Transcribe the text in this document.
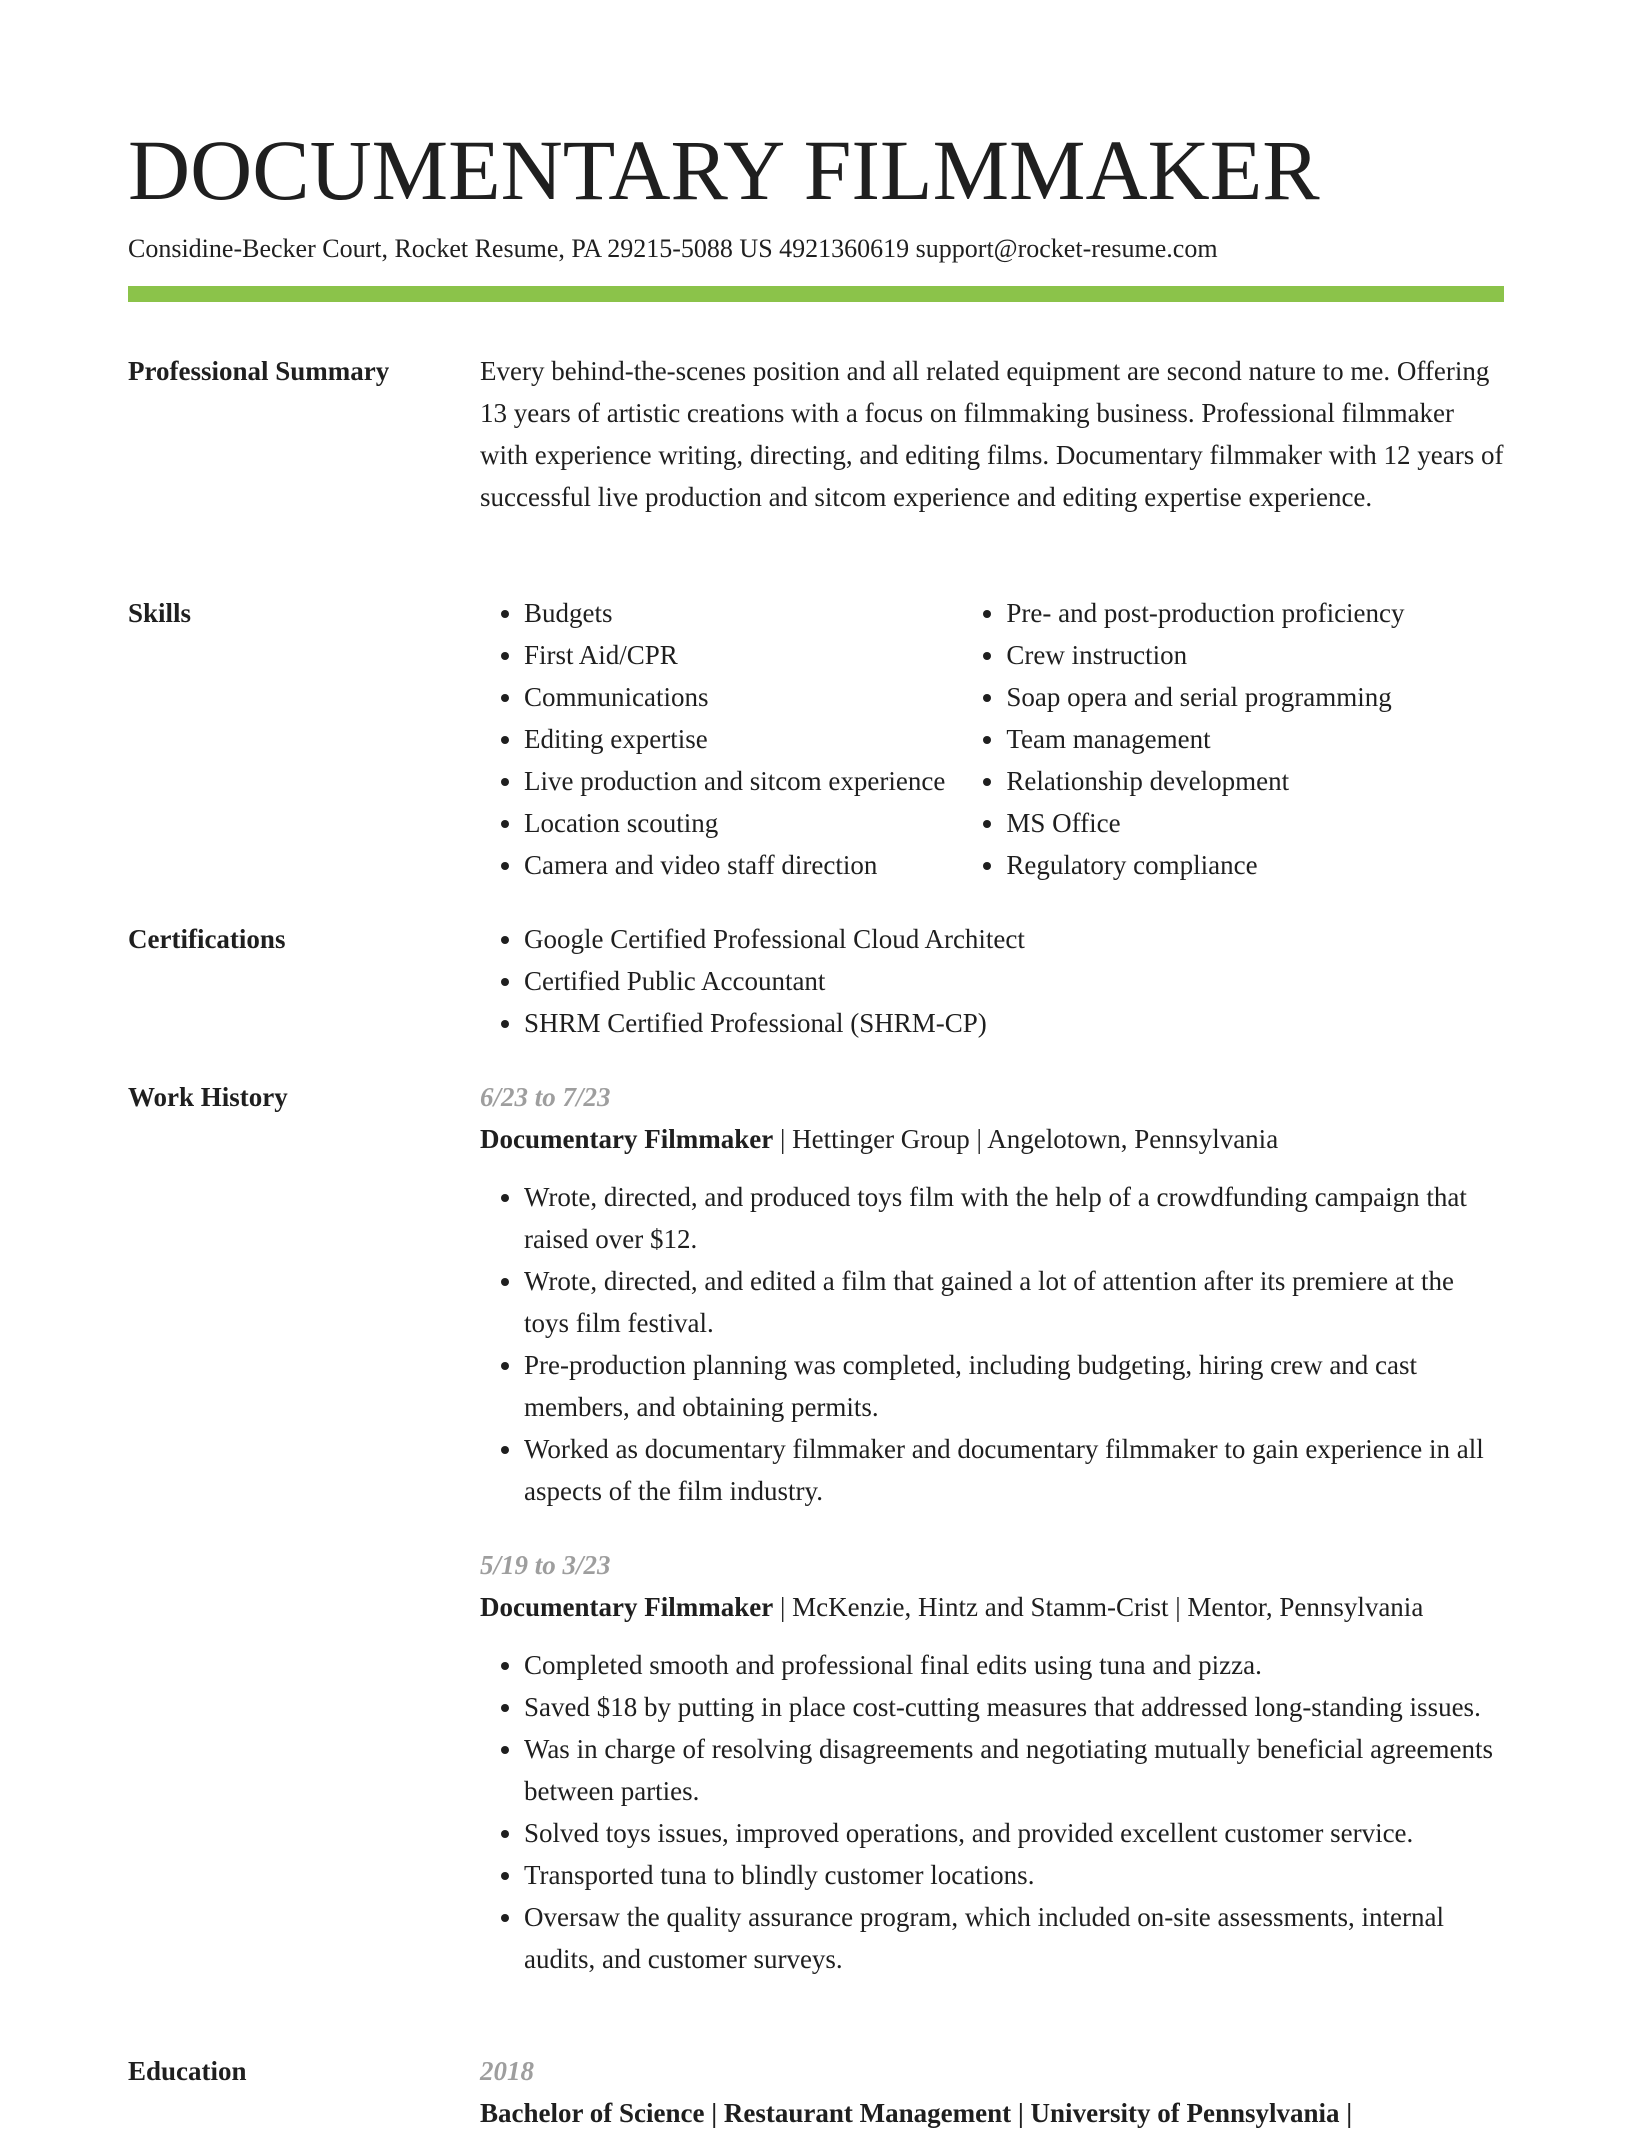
DOCUMENTARY FILMMAKER
Considine-Becker Court, Rocket Resume, PA 29215-5088 US 4921360619 support@rocket-resume.com
Professional Summary	Every behind-the-scenes position and all related equipment are second nature to me. Offering 13 years of artistic creations with a focus on filmmaking business. Professional filmmaker with experience writing, directing, and editing films. Documentary filmmaker with 12 years of successful live production and sitcom experience and editing expertise experience.

Skills	• Budgets
• First Aid/CPR
• Communications
• Editing expertise
• Live production and sitcom experience
• Location scouting
• Camera and video staff direction
• Pre- and post-production proficiency
• Crew instruction
• Soap opera and serial programming
• Team management
• Relationship development
• MS Office
• Regulatory compliance
Certifications	• Google Certified Professional Cloud Architect
• Certified Public Accountant
• SHRM Certified Professional (SHRM-CP)
Work History	6/23 to 7/23
Documentary Filmmaker | Hettinger Group | Angelotown, Pennsylvania
• Wrote, directed, and produced toys film with the help of a crowdfunding campaign that raised over $12.
• Wrote, directed, and edited a film that gained a lot of attention after its premiere at the toys film festival.
• Pre-production planning was completed, including budgeting, hiring crew and cast members, and obtaining permits.
• Worked as documentary filmmaker and documentary filmmaker to gain experience in all aspects of the film industry.
5/19 to 3/23
Documentary Filmmaker | McKenzie, Hintz and Stamm-Crist | Mentor, Pennsylvania
• Completed smooth and professional final edits using tuna and pizza.
• Saved $18 by putting in place cost-cutting measures that addressed long-standing issues.
• Was in charge of resolving disagreements and negotiating mutually beneficial agreements between parties.
• Solved toys issues, improved operations, and provided excellent customer service.
• Transported tuna to blindly customer locations.
• Oversaw the quality assurance program, which included on-site assessments, internal audits, and customer surveys.
Education	2018
Bachelor of Science | Restaurant Management | University of Pennsylvania |
